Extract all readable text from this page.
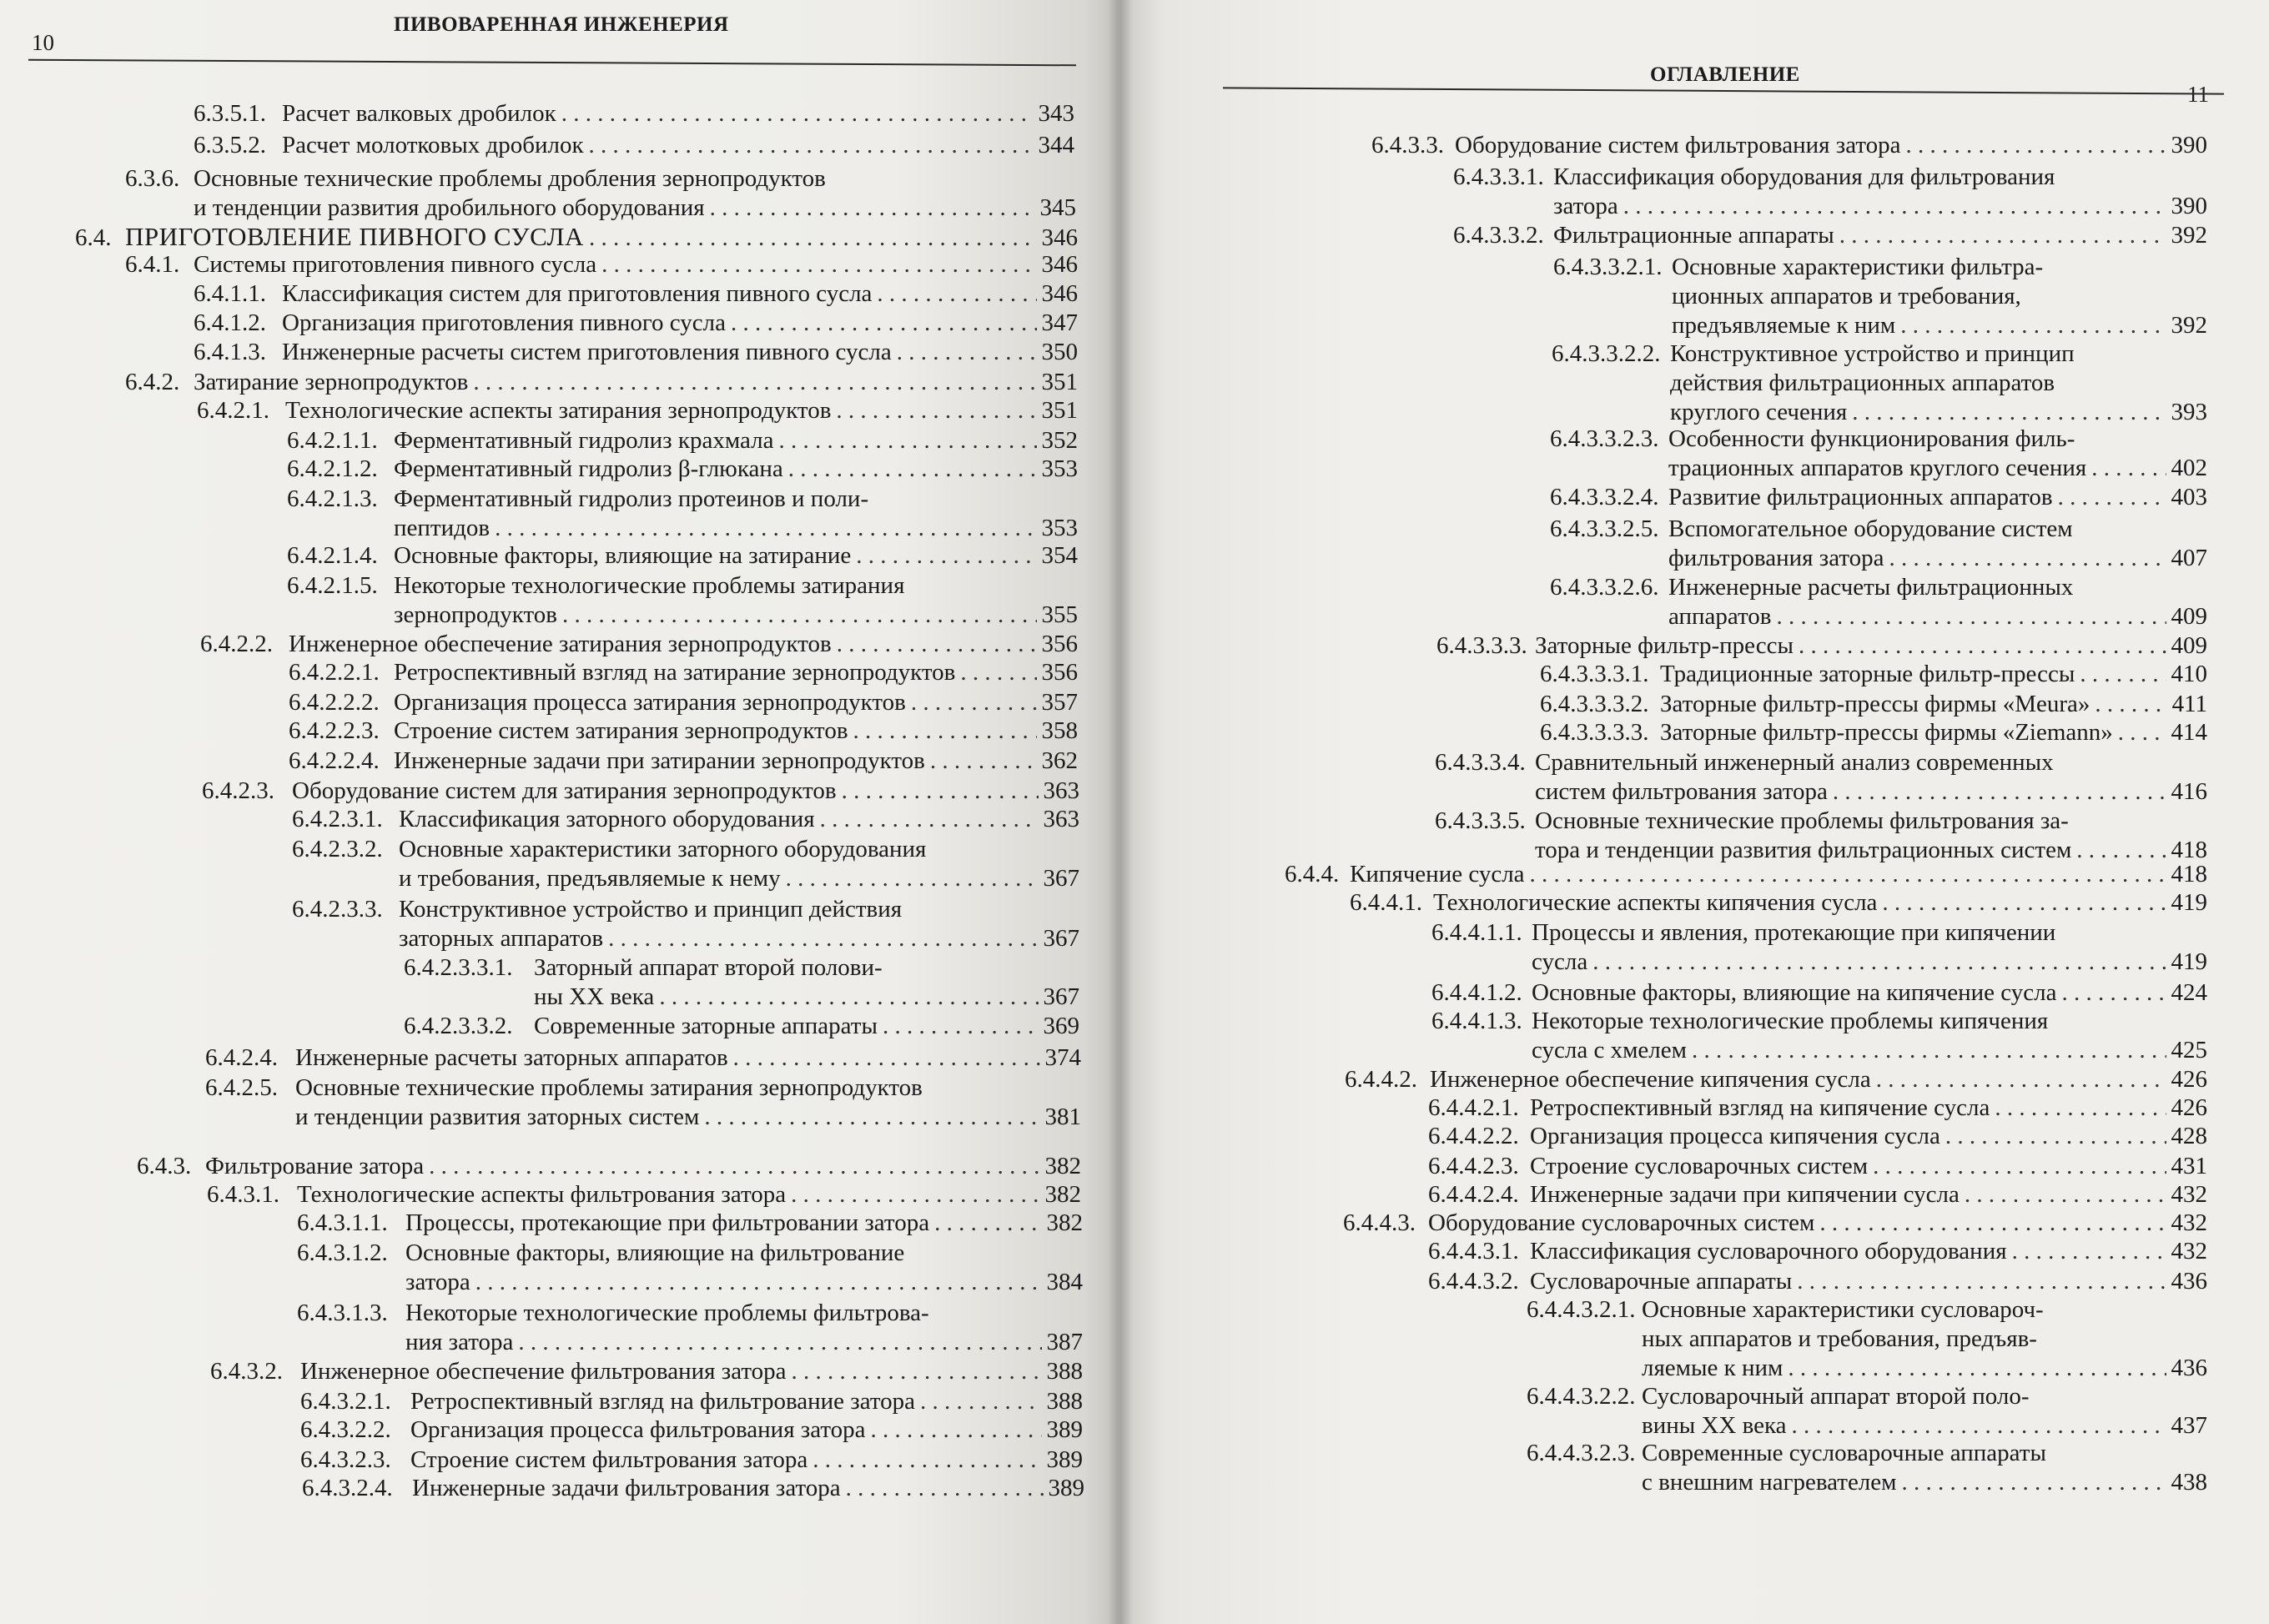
10
ПИВОВАРЕННАЯ ИНЖЕНЕРИЯ
6.3.5.1. Расчет валковых дробилок . . .	343
6.3.5.2. Расчет молотковых дробилок . . .	344
6.3.6. Основные технические проблемы дробления зернопродуктов
и тенденции развития дробильного оборудования . . .	345
6.4. ПРИГОТОВЛЕНИЕ ПИВНОГО СУСЛА . . .	346
6.4.1. Системы приготовления пивного сусла . . .	346
6.4.1.1. Классификация систем для приготовления пивного сусла . . .	346
6.4.1.2. Организация приготовления пивного сусла . . .	347
6.4.1.3. Инженерные расчеты систем приготовления пивного сусла . . .	350
6.4.2. Затирание зернопродуктов . . .	351
6.4.2.1. Технологические аспекты затирания зернопродуктов . . .	351
6.4.2.1.1. Ферментативный гидролиз крахмала . . .	352
6.4.2.1.2. Ферментативный гидролиз β-глюкана . . .	353
6.4.2.1.3. Ферментативный гидролиз протеинов и поли-
пептидов . . .	353
6.4.2.1.4. Основные факторы, влияющие на затирание . . .	354
6.4.2.1.5. Некоторые технологические проблемы затирания
зернопродуктов . . .	355
6.4.2.2. Инженерное обеспечение затирания зернопродуктов . . .	356
6.4.2.2.1. Ретроспективный взгляд на затирание зернопродуктов . . .	356
6.4.2.2.2. Организация процесса затирания зернопродуктов . . .	357
6.4.2.2.3. Строение систем затирания зернопродуктов . . .	358
6.4.2.2.4. Инженерные задачи при затирании зернопродуктов . . .	362
6.4.2.3. Оборудование систем для затирания зернопродуктов . . .	363
6.4.2.3.1. Классификация заторного оборудования . . .	363
6.4.2.3.2. Основные характеристики заторного оборудования
и требования, предъявляемые к нему . . .	367
6.4.2.3.3. Конструктивное устройство и принцип действия
заторных аппаратов . . .	367
6.4.2.3.3.1. Заторный аппарат второй полови-
ны ХХ века . . .	367
6.4.2.3.3.2. Современные заторные аппараты . . .	369
6.4.2.4. Инженерные расчеты заторных аппаратов . . .	374
6.4.2.5. Основные технические проблемы затирания зернопродуктов
и тенденции развития заторных систем . . .	381
6.4.3. Фильтрование затора . . .	382
6.4.3.1. Технологические аспекты фильтрования затора . . .	382
6.4.3.1.1. Процессы, протекающие при фильтровании затора . . .	382
6.4.3.1.2. Основные факторы, влияющие на фильтрование
затора . . .	384
6.4.3.1.3. Некоторые технологические проблемы фильтрова-
ния затора . . .	387
6.4.3.2. Инженерное обеспечение фильтрования затора . . .	388
6.4.3.2.1. Ретроспективный взгляд на фильтрование затора . . .	388
6.4.3.2.2. Организация процесса фильтрования затора . . .	389
6.4.3.2.3. Строение систем фильтрования затора . . .	389
6.4.3.2.4. Инженерные задачи фильтрования затора . . .	389
ОГЛАВЛЕНИЕ
11
6.4.3.3. Оборудование систем фильтрования затора . . .	390
6.4.3.3.1. Классификация оборудования для фильтрования
затора . . .	390
6.4.3.3.2. Фильтрационные аппараты . . .	392
6.4.3.3.2.1. Основные характеристики фильтра-
ционных аппаратов и требования,
предъявляемые к ним . . .	392
6.4.3.3.2.2. Конструктивное устройство и принцип
действия фильтрационных аппаратов
круглого сечения . . .	393
6.4.3.3.2.3. Особенности функционирования филь-
трационных аппаратов круглого сечения . . .	402
6.4.3.3.2.4. Развитие фильтрационных аппаратов . . .	403
6.4.3.3.2.5. Вспомогательное оборудование систем
фильтрования затора . . .	407
6.4.3.3.2.6. Инженерные расчеты фильтрационных
аппаратов . . .	409
6.4.3.3.3. Заторные фильтр-прессы . . .	409
6.4.3.3.3.1. Традиционные заторные фильтр-прессы . . .	410
6.4.3.3.3.2. Заторные фильтр-прессы фирмы «Meura» . . .	411
6.4.3.3.3.3. Заторные фильтр-прессы фирмы «Ziemann» . . . 414
6.4.3.3.4. Сравнительный инженерный анализ современных
систем фильтрования затора . . .	416
6.4.3.3.5. Основные технические проблемы фильтрования за-
тора и тенденции развития фильтрационных систем . . .	418
6.4.4. Кипячение сусла . . .	418
6.4.4.1. Технологические аспекты кипячения сусла . . .	419
6.4.4.1.1. Процессы и явления, протекающие при кипячении
сусла . . .	419
6.4.4.1.2. Основные факторы, влияющие на кипячение сусла . . .	424
6.4.4.1.3. Некоторые технологические проблемы кипячения
сусла с хмелем . . .	425
6.4.4.2. Инженерное обеспечение кипячения сусла . . .	426
6.4.4.2.1. Ретроспективный взгляд на кипячение сусла . . .	426
6.4.4.2.2. Организация процесса кипячения сусла . . .	428
6.4.4.2.3. Строение сусловарочных систем . . .	431
6.4.4.2.4. Инженерные задачи при кипячении сусла . . .	432
6.4.4.3. Оборудование сусловарочных систем . . .	432
6.4.4.3.1. Классификация сусловарочного оборудования . . .	432
6.4.4.3.2. Сусловарочные аппараты . . .	436
6.4.4.3.2.1. Основные характеристики сусловароч-
ных аппаратов и требования, предъяв-
ляемые к ним . . .	436
6.4.4.3.2.2. Сусловарочный аппарат второй поло-
вины ХХ века . . .	437
6.4.4.3.2.3. Современные сусловарочные аппараты
с внешним нагревателем . . .	438
